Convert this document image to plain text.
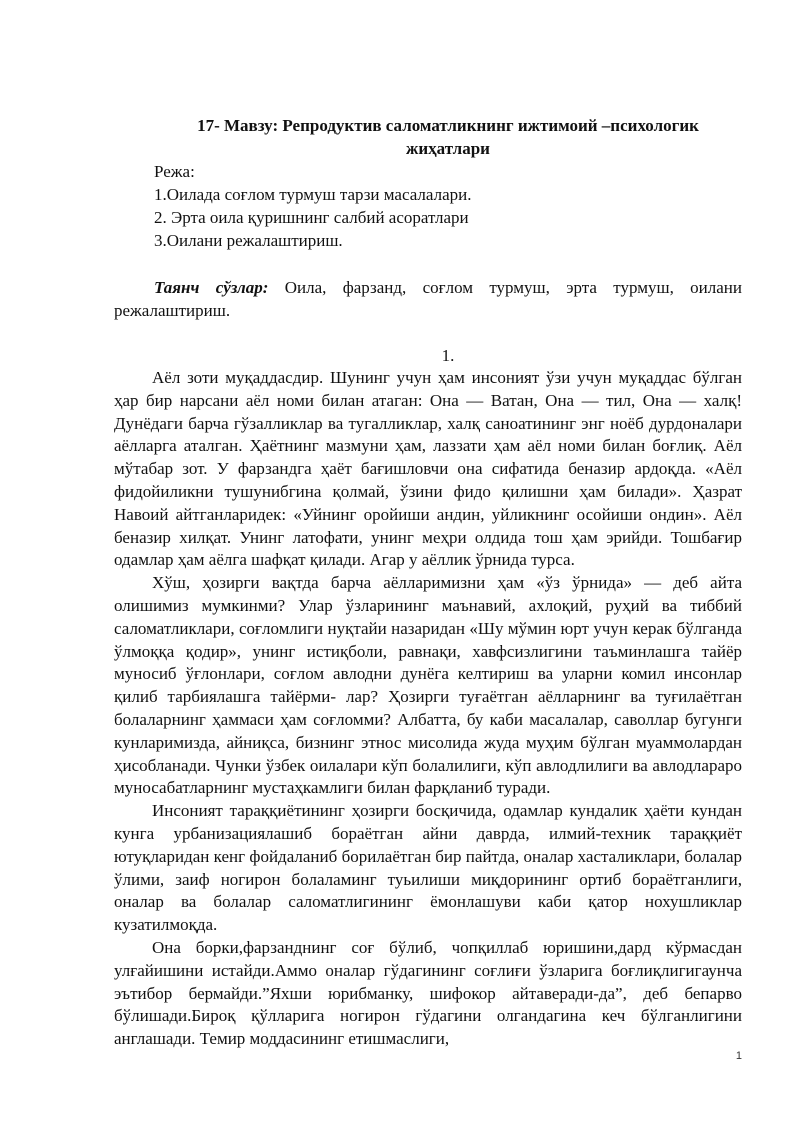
17- Мавзу: Репродуктив саломатликнинг ижтимоий –психологик жиҳатлари

Режа:
1.Оилада соғлом турмуш тарзи масалалари.
2. Эрта оила қуришнинг салбий асоратлари
3.Оилани режалаштириш.

Таянч сўзлар: Оила, фарзанд, соғлом турмуш, эрта турмуш, оилани режалаштириш.

1.

Аёл зоти муқаддасдир. Шунинг учун ҳам инсоният ўзи учун муқаддас бўлган ҳар бир нарсани аёл номи билан атаган: Она — Ватан, Она — тил, Она — халқ! Дунёдаги барча гўзалликлар ва тугалликлар, халқ саноатининг энг ноёб дурдоналари аёлларга аталган. Ҳаётнинг мазмуни ҳам, лаззати ҳам аёл номи билан боғлиқ. Аёл мўтабар зот. У фарзандга ҳаёт бағишловчи она сифатида беназир ардоқда. «Аёл фидойиликни тушунибгина қолмай, ўзини фидо қилишни ҳам билади». Ҳазрат Навоий айтганларидек: «Уйнинг оройиши андин, уйликнинг осойиши ондин». Аёл беназир хилқат. Унинг латофати, унинг меҳри олдида тош ҳам эрийди. Тошбағир одамлар ҳам аёлга шафқат қилади. Агар у аёллик ўрнида турса.

Хўш, ҳозирги вақтда барча аёлларимизни ҳам «ўз ўрнида» — деб айта олишимиз мумкинми? Улар ўзларининг маънавий, ахлоқий, руҳий ва тиббий саломатликлари, соғломлиги нуқтайи назаридан «Шу мўмин юрт учун керак бўлганда ўлмоққа қодир», унинг истиқболи, равнақи, хавфсизлигини таъминлашга тайёр муносиб ўғлонлари, соғлом авлодни дунёга келтириш ва уларни комил инсонлар қилиб тарбиялашга тайёрми- лар? Ҳозирги туғаётган аёлларнинг ва туғилаётган болаларнинг ҳаммаси ҳам соғломми? Албатта, бу каби масалалар, саволлар бугунги кунларимизда, айниқса, бизнинг этнос мисолида жуда муҳим бўлган муаммолардан ҳисобланади. Чунки ўзбек оилалари кўп болалилиги, кўп авлодлилиги ва авлодлараро муносабатларнинг мустаҳкамлиги билан фарқланиб туради.

Инсоният тараққиётининг ҳозирги босқичида, одамлар кундалик ҳаёти кундан кунга урбанизациялашиб бораётган айни даврда, илмий-техник тараққиёт ютуқларидан кенг фойдаланиб борилаётган бир пайтда, оналар хасталиклари, болалар ўлими, заиф ногирон болаламинг туьилиши миқдорининг ортиб бораётганлиги, оналар ва болалар саломатлигининг ёмонлашуви каби қатор нохушликлар кузатилмоқда.

Она борки,фарзанднинг соғ бўлиб, чопқиллаб юришини,дард кўрмасдан улғайишини истайди.Аммо оналар гўдагининг соғлиғи ўзларига боғлиқлигигаунча эътибор бермайди.”Яхши юрибманку, шифокор айтаверади-да”, деб бепарво бўлишади.Бироқ қўлларига ногирон гўдагини олгандагина кеч бўлганлигини англашади. Темир моддасининг етишмаслиги,

1
